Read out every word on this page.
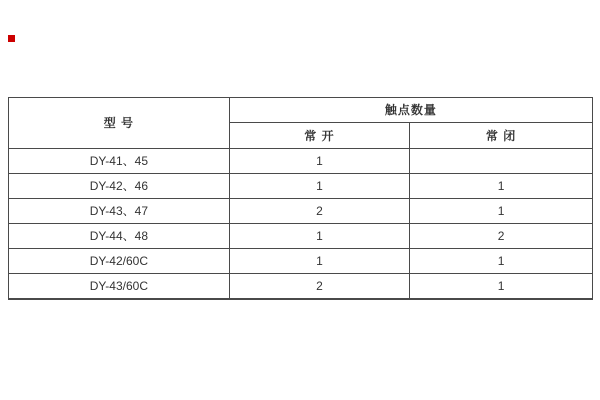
型 号	触点数量	
	常 开	常 闭
DY-41、45	1	
DY-42、46	1	1
DY-43、47	2	1
DY-44、48	1	2
DY-42/60C	1	1
DY-43/60C	2	1
